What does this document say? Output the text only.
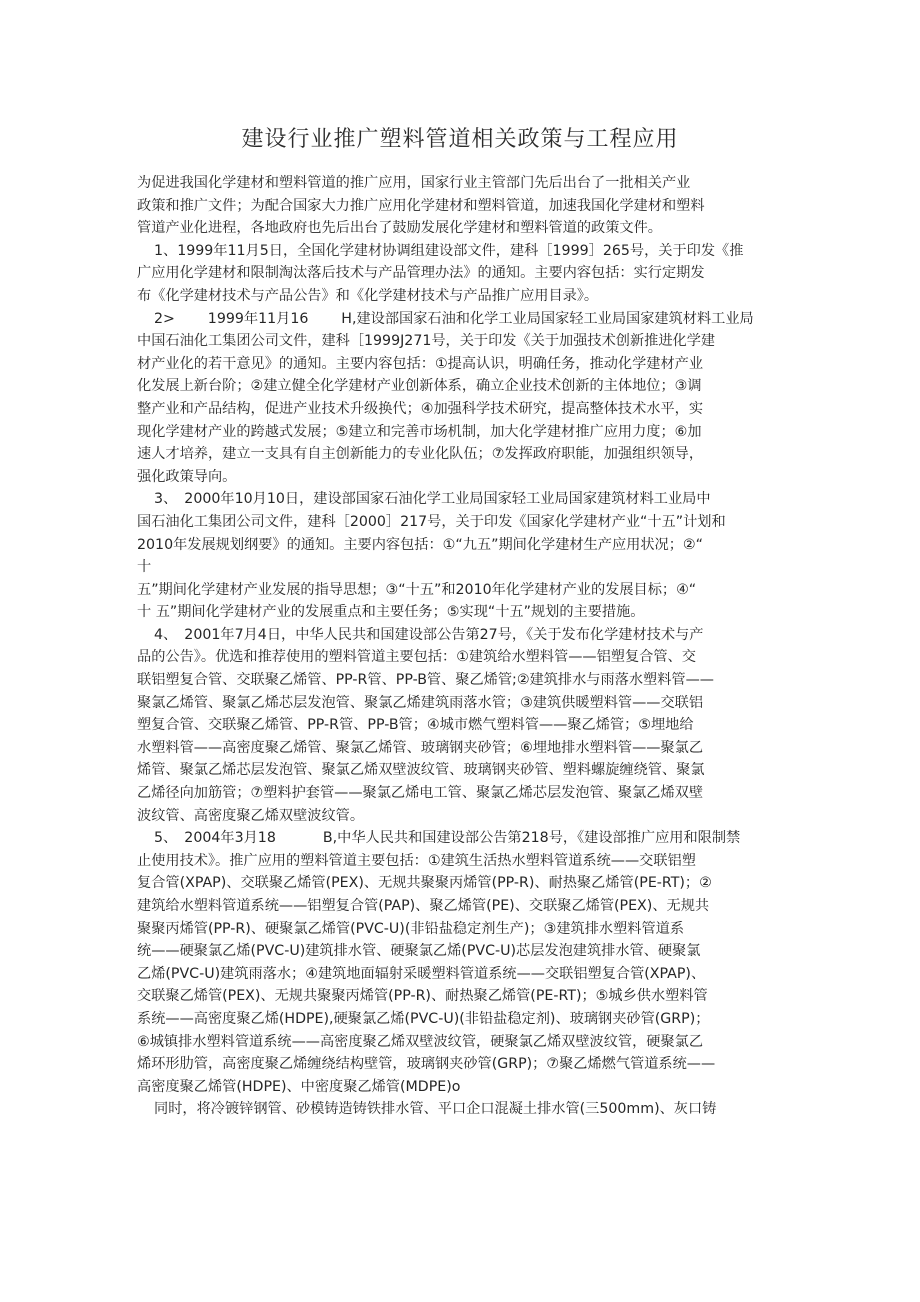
建设行业推广塑料管道相关政策与工程应用
为促进我国化学建材和塑料管道的推广应用，国家行业主管部门先后出台了一批相关产业
政策和推广文件；为配合国家大力推广应用化学建材和塑料管道，加速我国化学建材和塑料
管道产业化进程，各地政府也先后出台了鼓励发展化学建材和塑料管道的政策文件。
1、1999年11月5日，全国化学建材协调组建设部文件，建科［1999］265号，关于印发《推
广应用化学建材和限制淘汰落后技术与产品管理办法》的通知。主要内容包括：实行定期发
布《化学建材技术与产品公告》和《化学建材技术与产品推广应用目录》。
2>　　 1999年11月16　　 H,建设部国家石油和化学工业局国家轻工业局国家建筑材料工业局
中国石油化工集团公司文件，建科［1999J271号，关于印发《关于加强技术创新推进化学建
材产业化的若干意见》的通知。主要内容包括：①提高认识，明确任务，推动化学建材产业
化发展上新台阶；②建立健全化学建材产业创新体系，确立企业技术创新的主体地位；③调
整产业和产品结构，促进产业技术升级换代；④加强科学技术研究，提高整体技术水平，实
现化学建材产业的跨越式发展；⑤建立和完善市场机制，加大化学建材推广应用力度；⑥加
速人才培养，建立一支具有自主创新能力的专业化队伍；⑦发挥政府职能，加强组织领导，
强化政策导向。
3、　2000年10月10日，建设部国家石油化学工业局国家轻工业局国家建筑材料工业局中
国石油化工集团公司文件，建科［2000］217号，关于印发《国家化学建材产业“十五”计划和
2010年发展规划纲要》的通知。主要内容包括：①“九五”期间化学建材生产应用状况；②“
十
五”期间化学建材产业发展的指导思想；③“十五”和2010年化学建材产业的发展目标；④“
十 五”期间化学建材产业的发展重点和主要任务；⑤实现“十五”规划的主要措施。
4、　2001年7月4日，中华人民共和国建设部公告第27号，《关于发布化学建材技术与产
品的公告》。优选和推荐使用的塑料管道主要包括：①建筑给水塑料管——铝塑复合管、交
联铝塑复合管、交联聚乙烯管、PP-R管、PP-B管、聚乙烯管;②建筑排水与雨落水塑料管——
聚氯乙烯管、聚氯乙烯芯层发泡管、聚氯乙烯建筑雨落水管；③建筑供暖塑料管——交联铝
塑复合管、交联聚乙烯管、PP-R管、PP-B管；④城市燃气塑料管——聚乙烯管；⑤埋地给
水塑料管——高密度聚乙烯管、聚氯乙烯管、玻璃钢夹砂管；⑥埋地排水塑料管——聚氯乙
烯管、聚氯乙烯芯层发泡管、聚氯乙烯双壁波纹管、玻璃钢夹砂管、塑料螺旋缠绕管、聚氯
乙烯径向加筋管；⑦塑料护套管——聚氯乙烯电工管、聚氯乙烯芯层发泡管、聚氯乙烯双壁
波纹管、高密度聚乙烯双壁波纹管。
5、　2004年3月18　　　 B,中华人民共和国建设部公告第218号，《建设部推广应用和限制禁
止使用技术》。推广应用的塑料管道主要包括：①建筑生活热水塑料管道系统——交联铝塑
复合管(XPAP)、交联聚乙烯管(PEX)、无规共聚聚丙烯管(PP-R)、耐热聚乙烯管(PE-RT)；②
建筑给水塑料管道系统——铝塑复合管(PAP)、聚乙烯管(PE)、交联聚乙烯管(PEX)、无规共
聚聚丙烯管(PP-R)、硬聚氯乙烯管(PVC-U)(非铅盐稳定剂生产)；③建筑排水塑料管道系
统——硬聚氯乙烯(PVC-U)建筑排水管、硬聚氯乙烯(PVC-U)芯层发泡建筑排水管、硬聚氯
乙烯(PVC-U)建筑雨落水；④建筑地面辐射采暖塑料管道系统——交联铝塑复合管(XPAP)、
交联聚乙烯管(PEX)、无规共聚聚丙烯管(PP-R)、耐热聚乙烯管(PE-RT)；⑤城乡供水塑料管
系统——高密度聚乙烯(HDPE),硬聚氯乙烯(PVC-U)(非铅盐稳定剂)、玻璃钢夹砂管(GRP)；
⑥城镇排水塑料管道系统——高密度聚乙烯双壁波纹管，硬聚氯乙烯双壁波纹管，硬聚氯乙
烯环形肋管，高密度聚乙烯缠绕结构壁管，玻璃钢夹砂管(GRP)；⑦聚乙烯燃气管道系统——
高密度聚乙烯管(HDPE)、中密度聚乙烯管(MDPE)o
同时，将冷镀锌钢管、砂模铸造铸铁排水管、平口企口混凝土排水管(三500mm)、灰口铸
